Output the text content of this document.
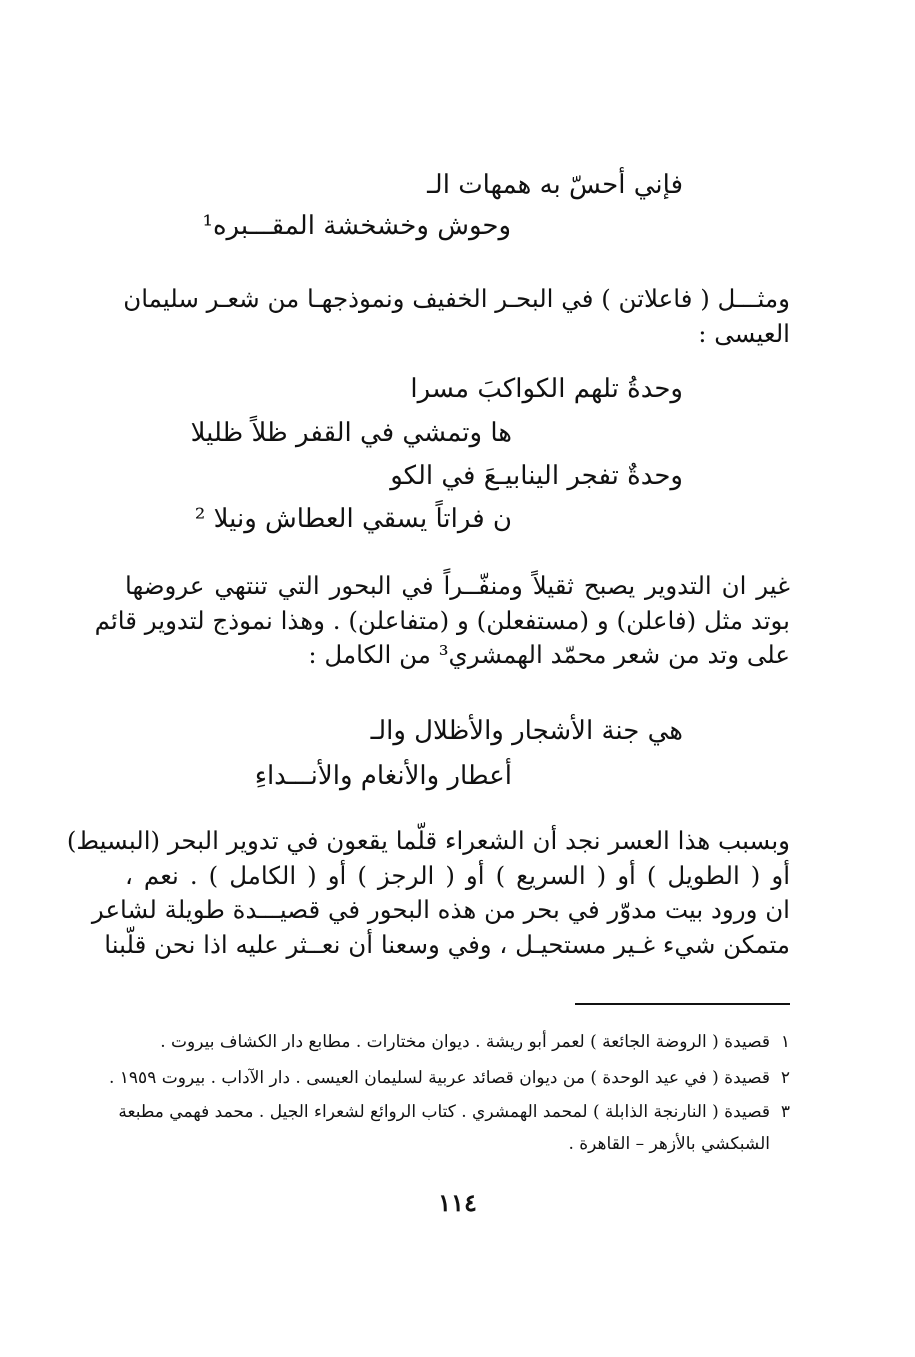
فإني أحسّ به همهات الـ
وحوش وخشخشة المقـــبره¹
ومثـــل ( فاعلاتن ) في البحـر الخفيف ونموذجهـا من شعـر سليمان
العيسى :
وحدةُ تلهم الكواكبَ مسرا
ها وتمشي في القفر ظلاً ظليلا
وحدةٌ تفجر الينابيـعَ في الكو
ن فراتاً يسقي العطاش ونيلا ²
غير ان التدوير يصبح ثقيلاً ومنفّــراً في البحور التي تنتهي عروضها
بوتد مثل (فاعلن) و (مستفعلن) و (متفاعلن) . وهذا نموذج لتدوير قائم
على وتد من شعر محمّد الهمشري³ من الكامل :
هي جنة الأشجار والأظلال والـ
أعطار والأنغام والأنـــداءِ
وبسبب هذا العسر نجد أن الشعراء قلّما يقعون في تدوير البحر (البسيط)
أو ( الطويل ) أو ( السريع ) أو ( الرجز ) أو ( الكامل ) . نعم ،
ان ورود بيت مدوّر في بحر من هذه البحور في قصيـــدة طويلة لشاعر
متمكن شيء غـير مستحيـل ، وفي وسعنا أن نعــثر عليه اذا نحن قلّبنا
١قصيدة ( الروضة الجائعة ) لعمر أبو ريشة . ديوان مختارات . مطابع دار الكشاف بيروت .
٢قصيدة ( في عيد الوحدة ) من ديوان قصائد عربية لسليمان العيسى . دار الآداب . بيروت ١٩٥٩ .
٣قصيدة ( النارنجة الذابلة ) لمحمد الهمشري . كتاب الروائع لشعراء الجيل . محمد فهمي مطبعة
الشبكشي بالأزهر – القاهرة .
١١٤
